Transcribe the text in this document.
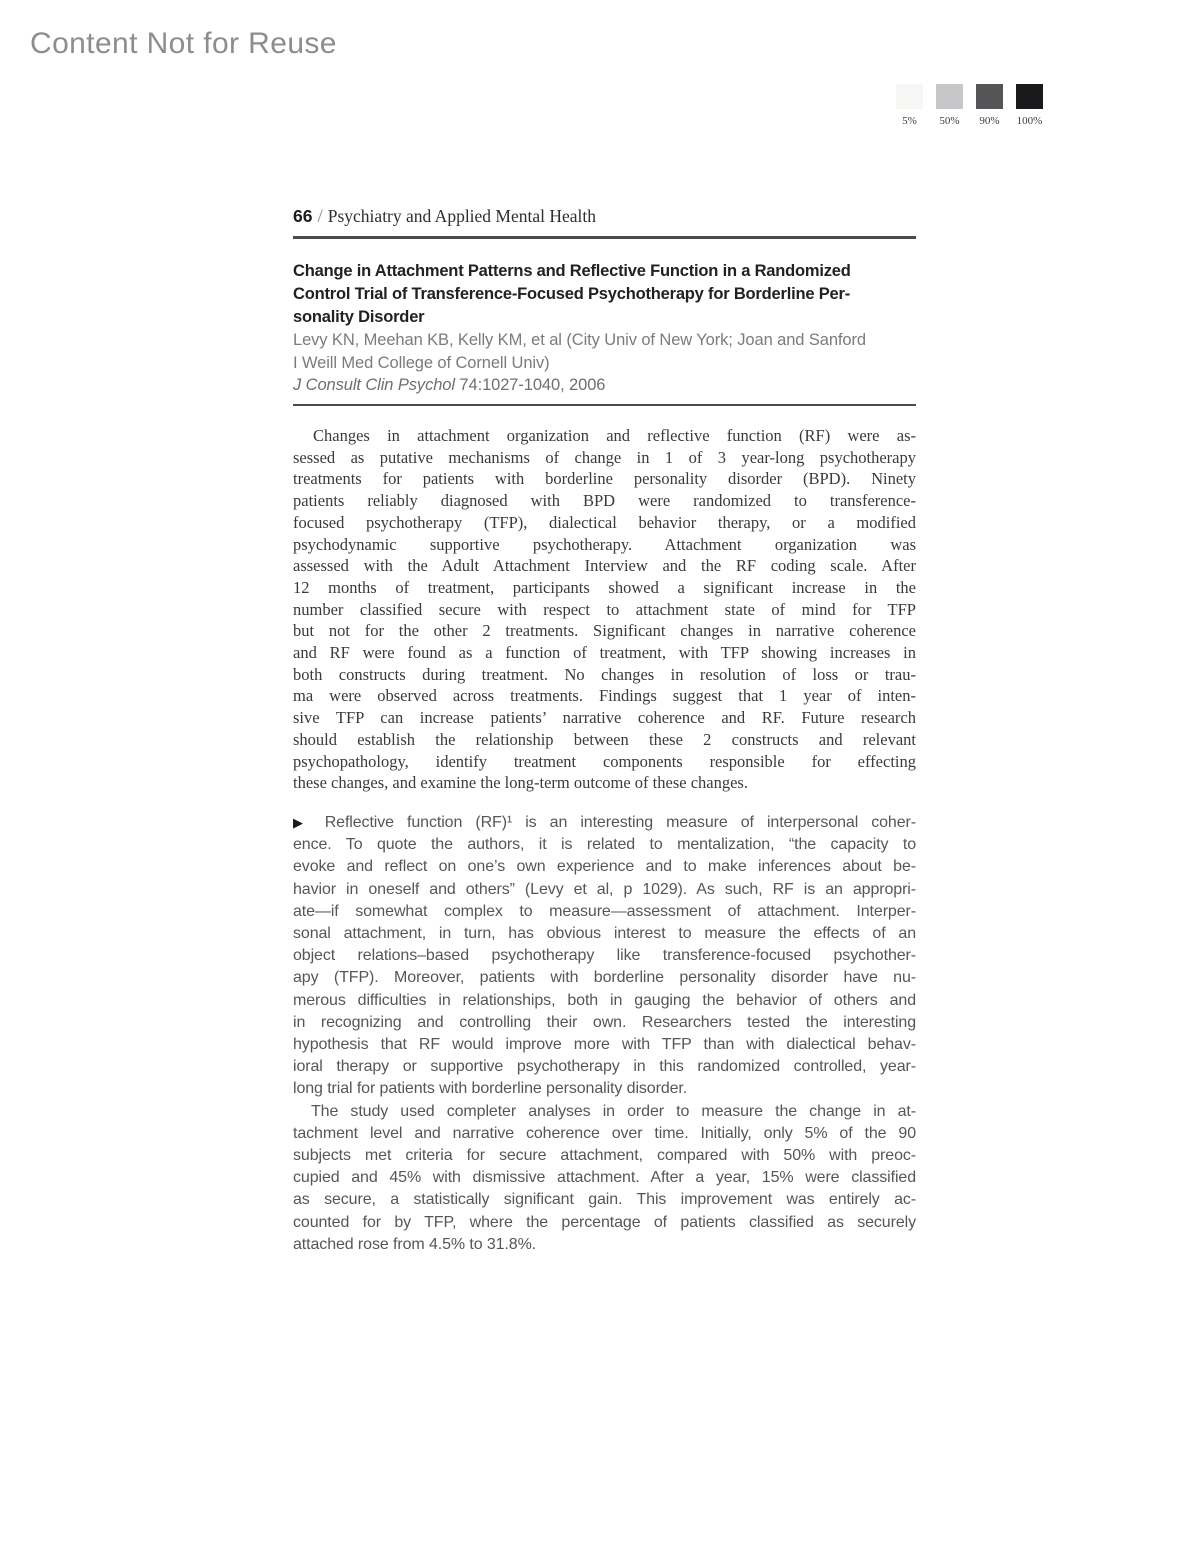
Content Not for Reuse
5% 50% 90% 100%
66 / Psychiatry and Applied Mental Health
Change in Attachment Patterns and Reflective Function in a Randomized
Control Trial of Transference-Focused Psychotherapy for Borderline Per-
sonality Disorder
Levy KN, Meehan KB, Kelly KM, et al (City Univ of New York; Joan and Sanford
I Weill Med College of Cornell Univ)
J Consult Clin Psychol 74:1027-1040, 2006
Changes in attachment organization and reflective function (RF) were as-
sessed as putative mechanisms of change in 1 of 3 year-long psychotherapy
treatments for patients with borderline personality disorder (BPD). Ninety
patients reliably diagnosed with BPD were randomized to transference-
focused psychotherapy (TFP), dialectical behavior therapy, or a modified
psychodynamic supportive psychotherapy. Attachment organization was
assessed with the Adult Attachment Interview and the RF coding scale. After
12 months of treatment, participants showed a significant increase in the
number classified secure with respect to attachment state of mind for TFP
but not for the other 2 treatments. Significant changes in narrative coherence
and RF were found as a function of treatment, with TFP showing increases in
both constructs during treatment. No changes in resolution of loss or trau-
ma were observed across treatments. Findings suggest that 1 year of inten-
sive TFP can increase patients’ narrative coherence and RF. Future research
should establish the relationship between these 2 constructs and relevant
psychopathology, identify treatment components responsible for effecting
these changes, and examine the long-term outcome of these changes.
▶ Reflective function (RF)¹ is an interesting measure of interpersonal coher-
ence. To quote the authors, it is related to mentalization, “the capacity to
evoke and reflect on one’s own experience and to make inferences about be-
havior in oneself and others” (Levy et al, p 1029). As such, RF is an appropri-
ate—if somewhat complex to measure—assessment of attachment. Interper-
sonal attachment, in turn, has obvious interest to measure the effects of an
object relations–based psychotherapy like transference-focused psychother-
apy (TFP). Moreover, patients with borderline personality disorder have nu-
merous difficulties in relationships, both in gauging the behavior of others and
in recognizing and controlling their own. Researchers tested the interesting
hypothesis that RF would improve more with TFP than with dialectical behav-
ioral therapy or supportive psychotherapy in this randomized controlled, year-
long trial for patients with borderline personality disorder.
The study used completer analyses in order to measure the change in at-
tachment level and narrative coherence over time. Initially, only 5% of the 90
subjects met criteria for secure attachment, compared with 50% with preoc-
cupied and 45% with dismissive attachment. After a year, 15% were classified
as secure, a statistically significant gain. This improvement was entirely ac-
counted for by TFP, where the percentage of patients classified as securely
attached rose from 4.5% to 31.8%.
